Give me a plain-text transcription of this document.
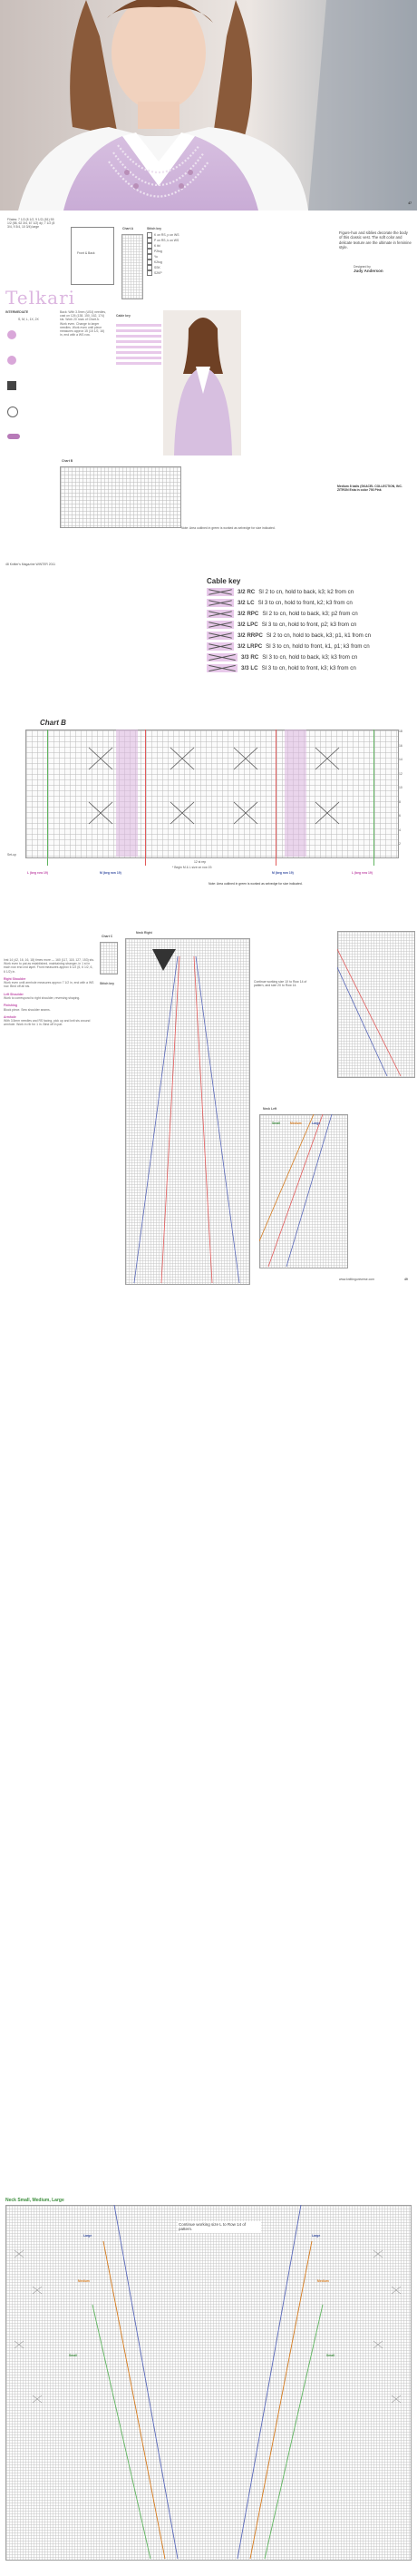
47
Fl/ates: 7 1/2 (8 1/2, 9 1/2) (51) 55 1/2 (58, 62 3/4, 67 1/2) dy; 7 1/2 (8 3/4, 9 3/4, 10 3/4) large
Front & Back
Chart A	Stitch key
K on RS, p on WS
P on RS, k on WS
K tbl
P2tog
Yo
K2tog
SSK
S2KP
Figure-hun and siblies decorate the body of this classic vest. The soft color and delicate texture are the ultimate in feminine style.
Designed by
Judy Anderson
Telkari
INTERMEDIATE
S, M, L, 1X, 2X
Back: With 3.5mm (US4) needles, cast on 126 (138, 150, 162, 174) sts. Work 20 rows of Chart A. Work even. Change to larger needles. Work even until piece measures approx 15 (15 1/2, 16) in, end with a WS row.
Cable key
Medium 8 balls (SKACEL COLLECTION, INC. ZITRON Esta in color 793 Pink
Chart B
Note: Area outlined in green is worked as selvedge for size indicated.
48 Knitter's Magazine WINTER 2011
Cable key
3/2 RC Sl 2 to cn, hold to back, k3; k2 from cn
3/2 LC Sl 3 to cn, hold to front, k2; k3 from cn
3/2 RPC Sl 2 to cn, hold to back, k3; p2 from cn
3/2 LPC Sl 3 to cn, hold to front, p2; k3 from cn
3/2 RRPC Sl 2 to cn, hold to back, k3; p1, k1 from cn
3/2 LRPC Sl 3 to cn, hold to front, k1, p1; k3 from cn
3/3 RC Sl 3 to cn, hold to back, k3; k3 from cn
3/3 LC Sl 3 to cn, hold to front, k3; k3 from cn
Chart B
18
16
14
12
10
8
6
4
2
Set-up
12 st rep
* Begin M & L size on row 19.
L (beg row 19)	M (beg row 19)	M (beg row 19)	L (beg row 19)
Note: Area outlined in green is worked as selvedge for size indicated.
Inst 14 (42, 16, 16, 18) times more — 160 (117, 118, 127, 153) sts. Work even to pat as established, maintaining stranger, in 1 st in each row end cnd lapel. Front measures approx 6 1/2 (6, 6 1/2, 6, 6 1/2) in.

Right Shoulder
Work even until armhole measures approx 7 1/2 in, end with a WS row. Bind off all sts.

Left Shoulder
Work to correspond to right shoulder, reversing shaping.

Finishing
Block piece. Sew shoulder seams.

Armhole
With 3.5mm needles and RS facing, pick up and knit sts around armhole. Work in rib for 1 in. Bind off in pat.
Chart C
Stitch key
Neck Right
Continue working size 1X to Row 14 of pattern, and size 2X to Row 14.
Neck Left
Small	Medium	Large
www.knittinguniverse.com	49
Neck Small, Medium, Large
Large
Medium
Small
Large
Medium
Small
Continue working size L to Row 14 of pattern.
